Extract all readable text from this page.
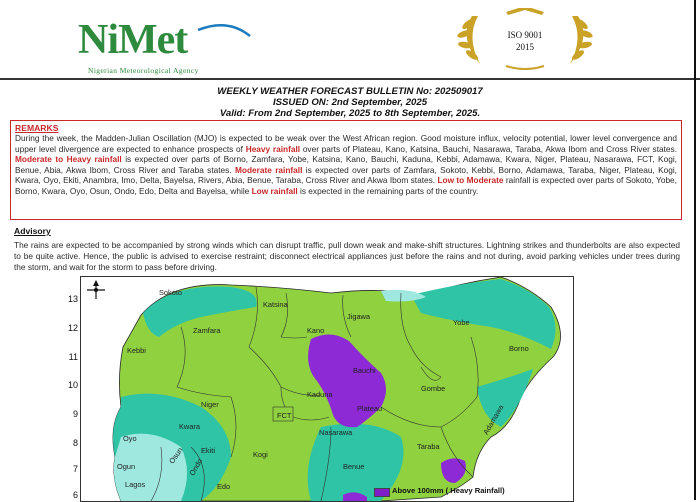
NiMet
Nigerian Meteorological Agency
ISO 9001
2015
WEEKLY WEATHER FORECAST BULLETIN No: 202509017
ISSUED ON: 2nd September, 2025
Valid: From 2nd September, 2025 to 8th September, 2025.
REMARKS
During the week, the Madden-Julian Oscillation (MJO) is expected to be weak over the West African region. Good moisture influx, velocity potential, lower level convergence and upper level divergence are expected to enhance prospects of Heavy rainfall over parts of Plateau, Kano, Katsina, Bauchi, Nasarawa, Taraba, Akwa Ibom and Cross River states. Moderate to Heavy rainfall is expected over parts of Borno, Zamfara, Yobe, Katsina, Kano, Bauchi, Kaduna, Kebbi, Adamawa, Kwara, Niger, Plateau, Nasarawa, FCT, Kogi, Benue, Abia, Akwa Ibom, Cross River and Taraba states. Moderate rainfall is expected over parts of Zamfara, Sokoto, Kebbi, Borno, Adamawa, Taraba, Niger, Plateau, Kogi, Kwara, Oyo, Ekiti, Anambra, Imo, Delta, Bayelsa, Rivers, Abia, Benue, Taraba, Cross River and Akwa Ibom states. Low to Moderate rainfall is expected over parts of Sokoto, Yobe, Borno, Kwara, Oyo, Osun, Ondo, Edo, Delta and Bayelsa, while Low rainfall is expected in the remaining parts of the country.
Advisory
The rains are expected to be accompanied by strong winds which can disrupt traffic, pull down weak and make-shift structures. Lightning strikes and thunderbolts are also expected to be quite active. Hence, the public is advised to exercise restraint; disconnect electrical appliances just before the rains and not during, avoid parking vehicles under trees during the storm, and wait for the storm to pass before driving.
13
12
11
10
9
8
7
6
Sokoto
Katsina
Jigawa
Yobe
Zamfara	Kano
Borno
Kebbi
Bauchi
Kaduna
Gombe
Niger	Plateau
FCT	Adamawa
Nasarawa
Kwara
Oyo
Kogi
Taraba
Ekiti
Osun
Ogun	Benue
Ondo
Edo
Lagos
Above 100mm ( Heavy Rainfall)
